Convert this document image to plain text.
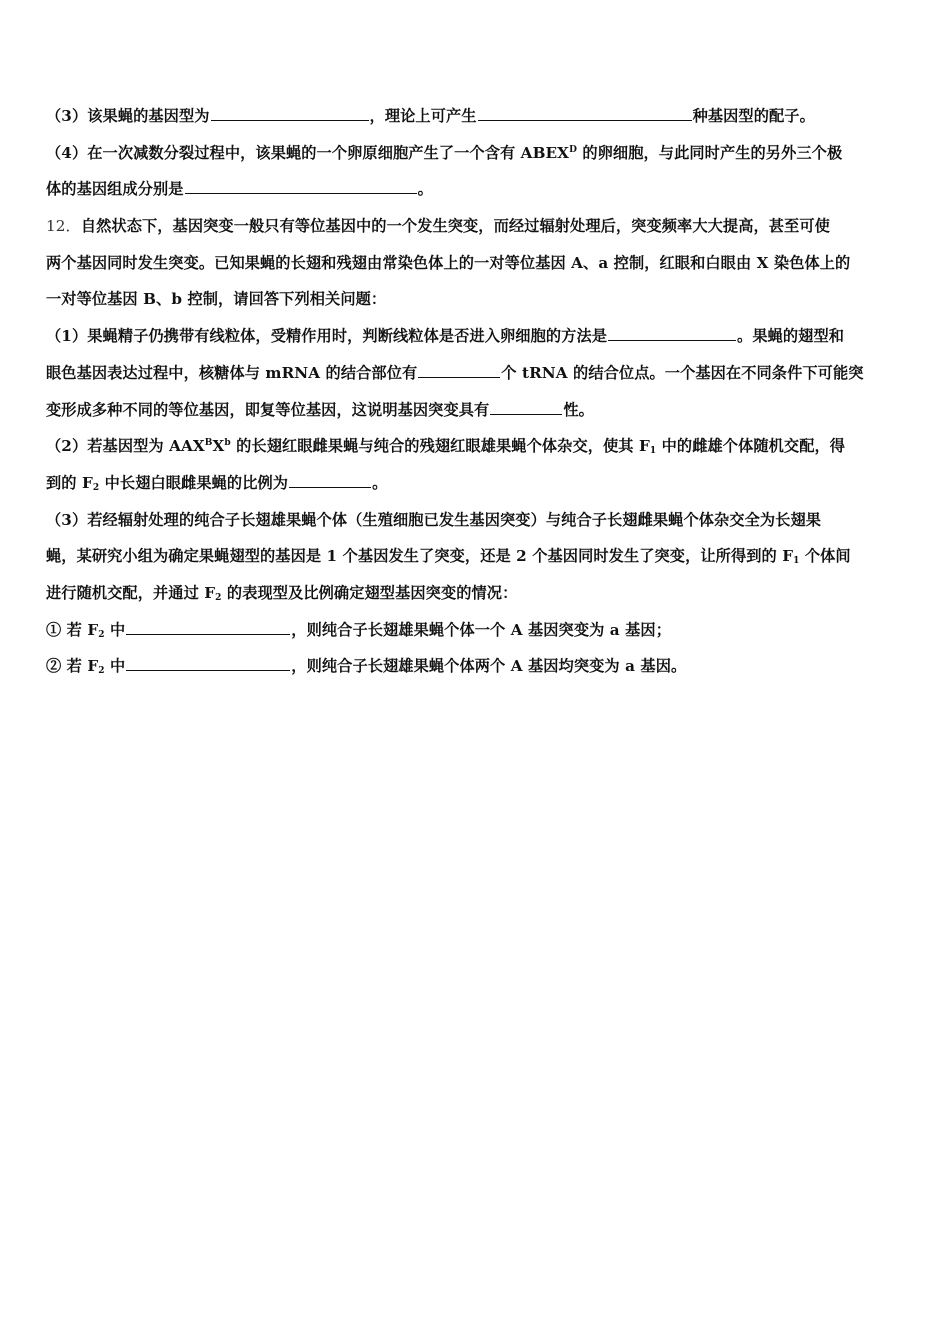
（3）该果蝇的基因型为	，理论上可产生	种基因型的配子。
（4）在一次减数分裂过程中，该果蝇的一个卵原细胞产生了一个含有 $ABEX^D$ 的卵细胞，与此同时产生的另外三个极
体的基因组成分别是	。
12．自然状态下，基因突变一般只有等位基因中的一个发生突变，而经过辐射处理后，突变频率大大提高，甚至可使
两个基因同时发生突变。已知果蝇的长翅和残翅由常染色体上的一对等位基因 A、a 控制，红眼和白眼由 X 染色体上的
一对等位基因 B、b 控制，请回答下列相关问题：
（1）果蝇精子仍携带有线粒体，受精作用时，判断线粒体是否进入卵细胞的方法是	。果蝇的翅型和
眼色基因表达过程中，核糖体与 mRNA 的结合部位有	个 tRNA 的结合位点。一个基因在不同条件下可能突
变形成多种不同的等位基因，即复等位基因，这说明基因突变具有	性。
（2）若基因型为 $AAX^BX^b$ 的长翅红眼雌果蝇与纯合的残翅红眼雄果蝇个体杂交，使其 $F_1$ 中的雌雄个体随机交配，得
到的 $F_2$ 中长翅白眼雌果蝇的比例为	。
（3）若经辐射处理的纯合子长翅雄果蝇个体（生殖细胞已发生基因突变）与纯合子长翅雌果蝇个体杂交全为长翅果
蝇，某研究小组为确定果蝇翅型的基因是 1 个基因发生了突变，还是 2 个基因同时发生了突变，让所得到的 $F_1$ 个体间
进行随机交配，并通过 $F_2$ 的表现型及比例确定翅型基因突变的情况：
① 若 $F_2$ 中	，则纯合子长翅雄果蝇个体一个 A 基因突变为 a 基因；
② 若 $F_2$ 中	，则纯合子长翅雄果蝇个体两个 A 基因均突变为 a 基因。
